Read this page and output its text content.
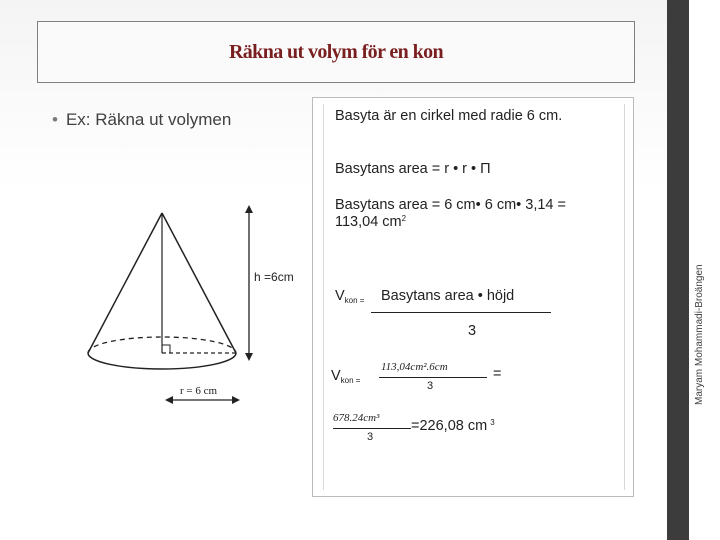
Maryam Mohammadi-Broängen
Räkna ut volym för en kon
• Ex: Räkna ut volymen
h =6cm
r = 6 cm
Basyta är en cirkel med radie 6 cm.
Basytans area = r • r • Π
Basytans area = 6 cm• 6 cm• 3,14 =
113,04 $cm^2$
$V_{kon =}$ Basytans area • höjd
3
$V_{kon =}$
113,04cm².6cm
3
=
678.24cm³
3
=226,08 cm $^3$
